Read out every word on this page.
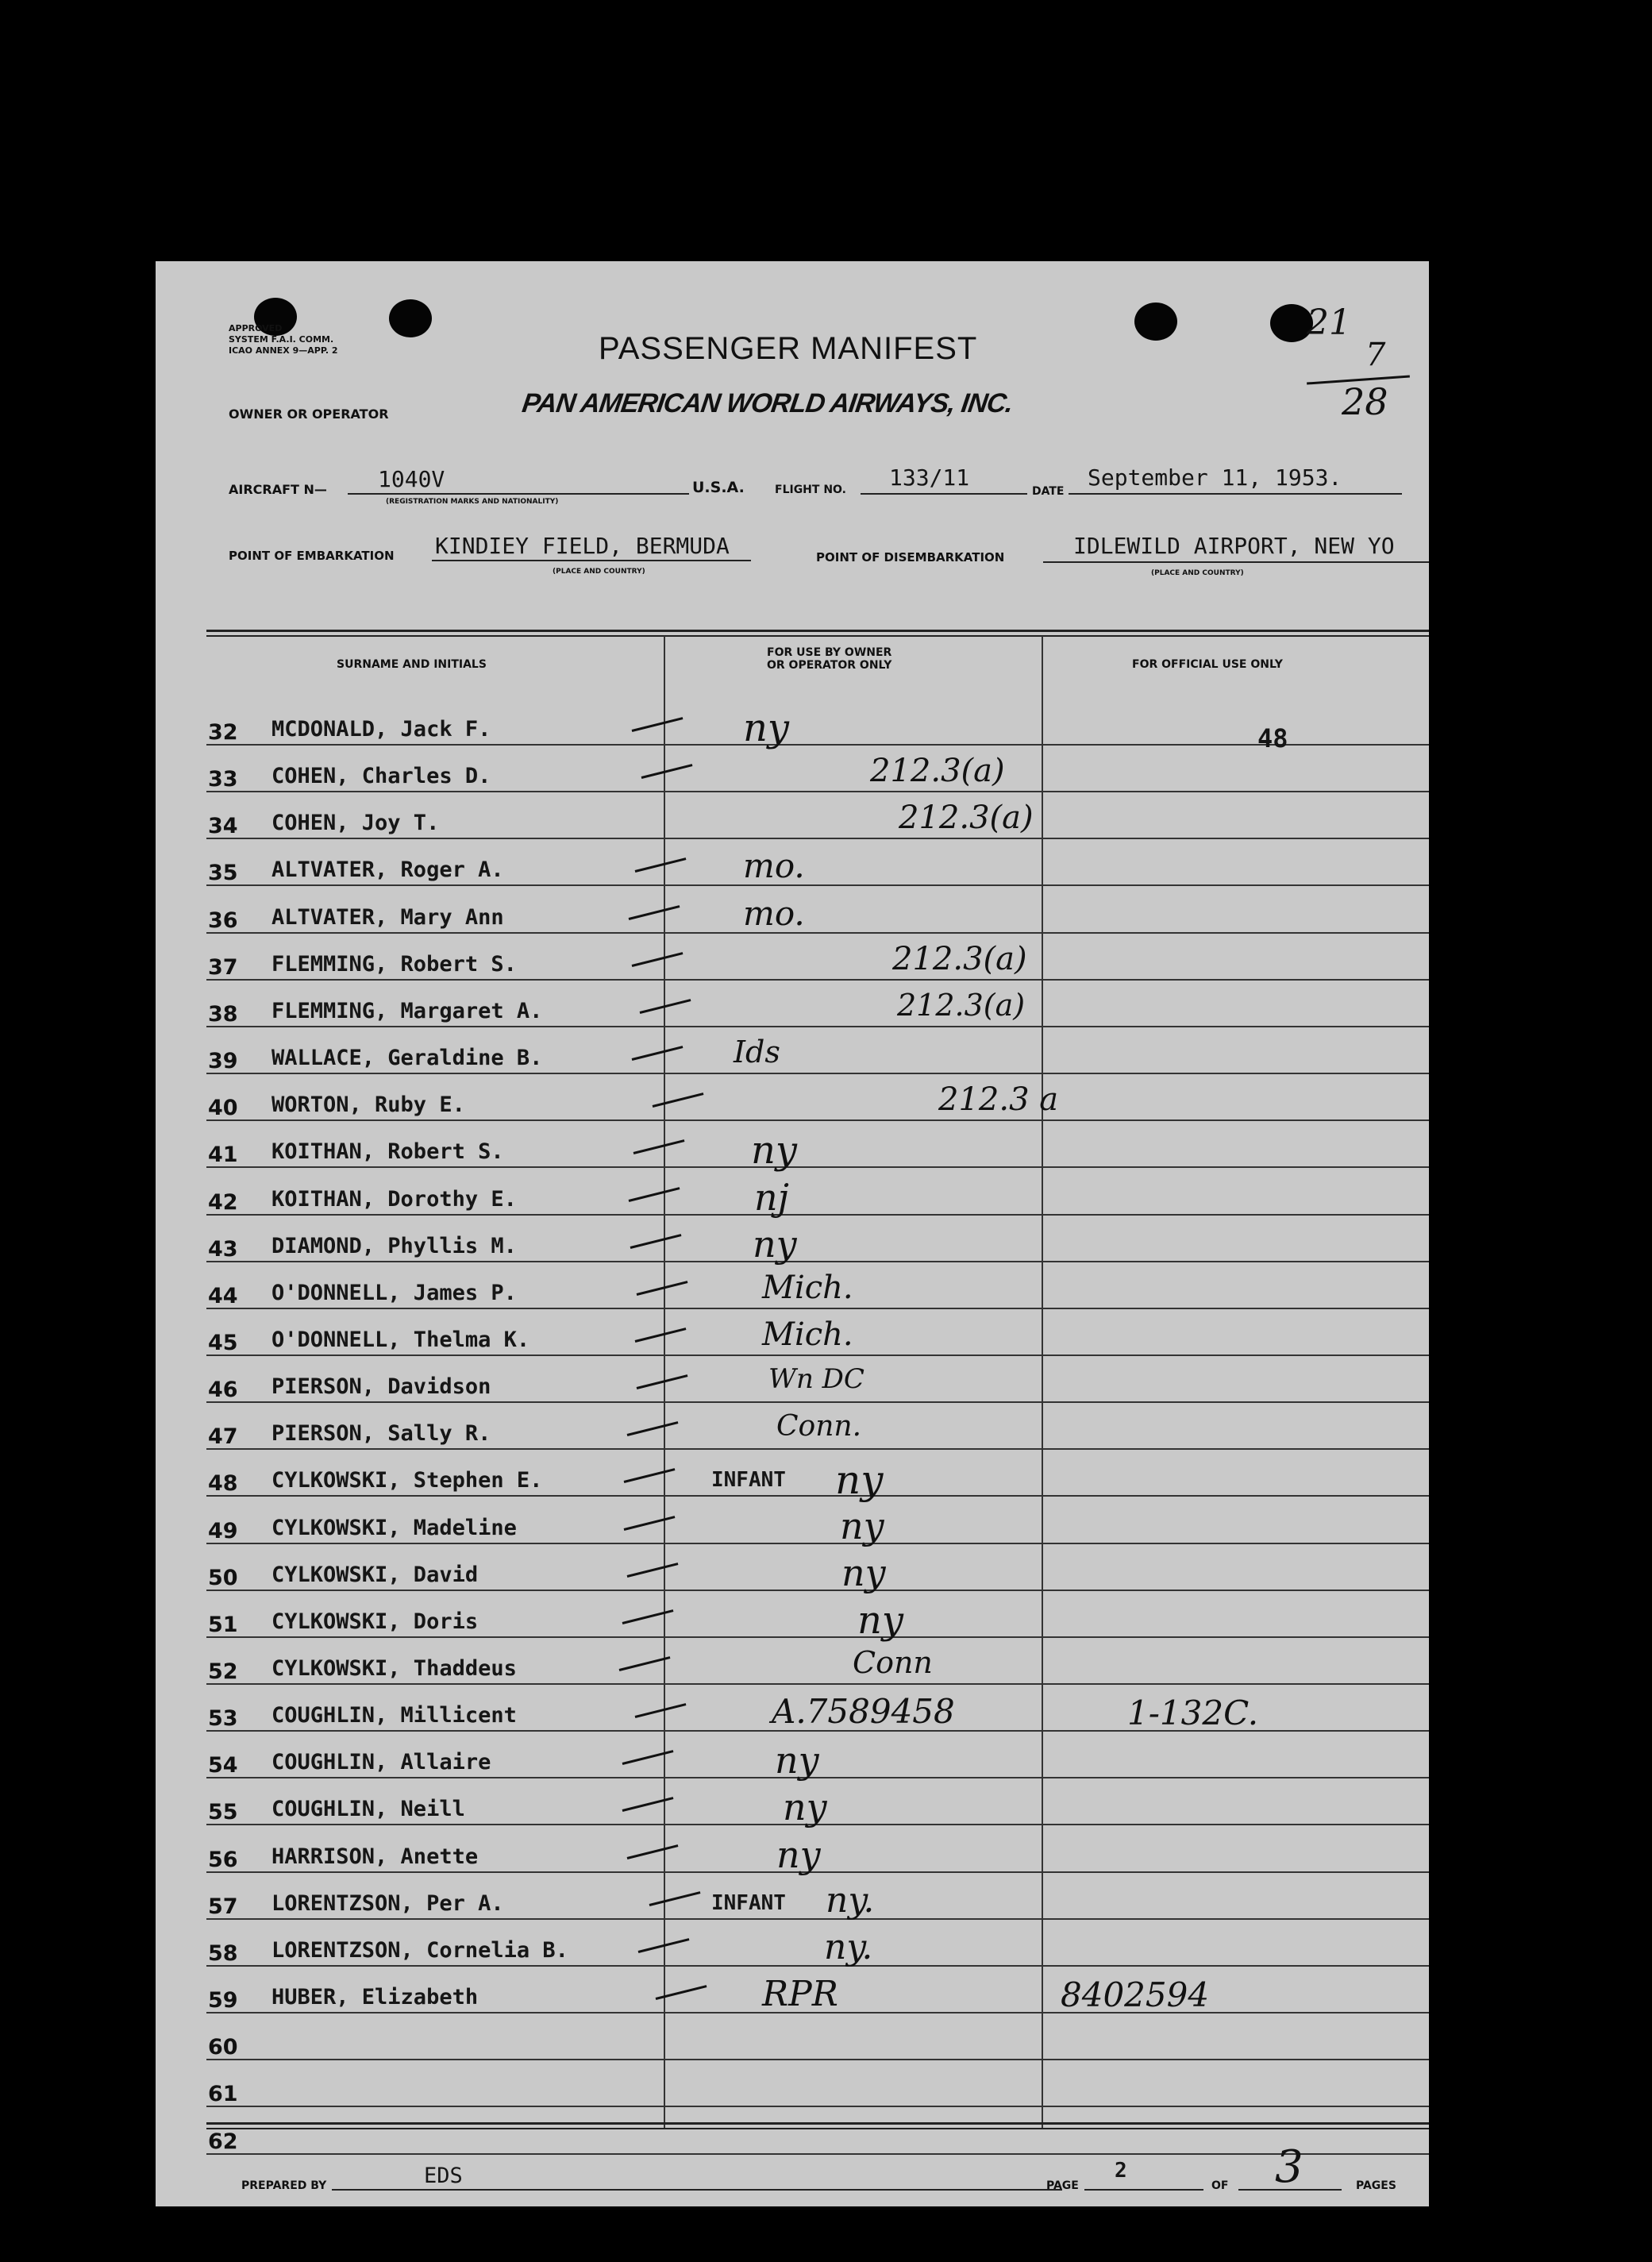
APPROVED
SYSTEM F.A.I. COMM.
ICAO ANNEX 9—APP. 2
21
7
28
PASSENGER MANIFEST
OWNER OR OPERATOR	PAN AMERICAN WORLD AIRWAYS, INC.
AIRCRAFT N— 1040V
(REGISTRATION MARKS AND NATIONALITY)
U.S.A.	FLIGHT NO. 133/11
DATE
September 11, 1953.
POINT OF EMBARKATION KINDIEY FIELD, BERMUDA
(PLACE AND COUNTRY)
POINT OF DISEMBARKATION	IDLEWILD AIRPORT, NEW YO
(PLACE AND COUNTRY)
SURNAME AND INITIALS
FOR USE BY OWNER
OR OPERATOR ONLY	FOR OFFICIAL USE ONLY
32	MCDONALD, Jack F.	ny	48
33	COHEN, Charles D.	212.3(a)
34	COHEN, Joy T.	212.3(a)
35	ALTVATER, Roger A.	mo.
36	ALTVATER, Mary Ann	mo.
37	FLEMMING, Robert S.	212.3(a)
38	FLEMMING, Margaret A.	212.3(a)
39	WALLACE, Geraldine B.	Ids
40	WORTON, Ruby E.	212.3 a
41	KOITHAN, Robert S.	ny
42	KOITHAN, Dorothy E.	nj
43	DIAMOND, Phyllis M.	ny
44	O'DONNELL, James P.	Mich.
45	O'DONNELL, Thelma K.	Mich.
46	PIERSON, Davidson	Wn DC
47	PIERSON, Sally R.	Conn.
48	CYLKOWSKI, Stephen E.	INFANT ny
49	CYLKOWSKI, Madeline	ny
50	CYLKOWSKI, David	ny
51	CYLKOWSKI, Doris	ny
52	CYLKOWSKI, Thaddeus	Conn
53	COUGHLIN, Millicent	A.7589458	1-132C.
54	COUGHLIN, Allaire	ny
55	COUGHLIN, Neill	ny
56	HARRISON, Anette	ny
57	LORENTZSON, Per A.	INFANT ny.
58	LORENTZSON, Cornelia B.	ny.
59	HUBER, Elizabeth	RPR	8402594
60
61
62
PREPARED BY	EDS	PAGE
2
OF 3	PAGES
